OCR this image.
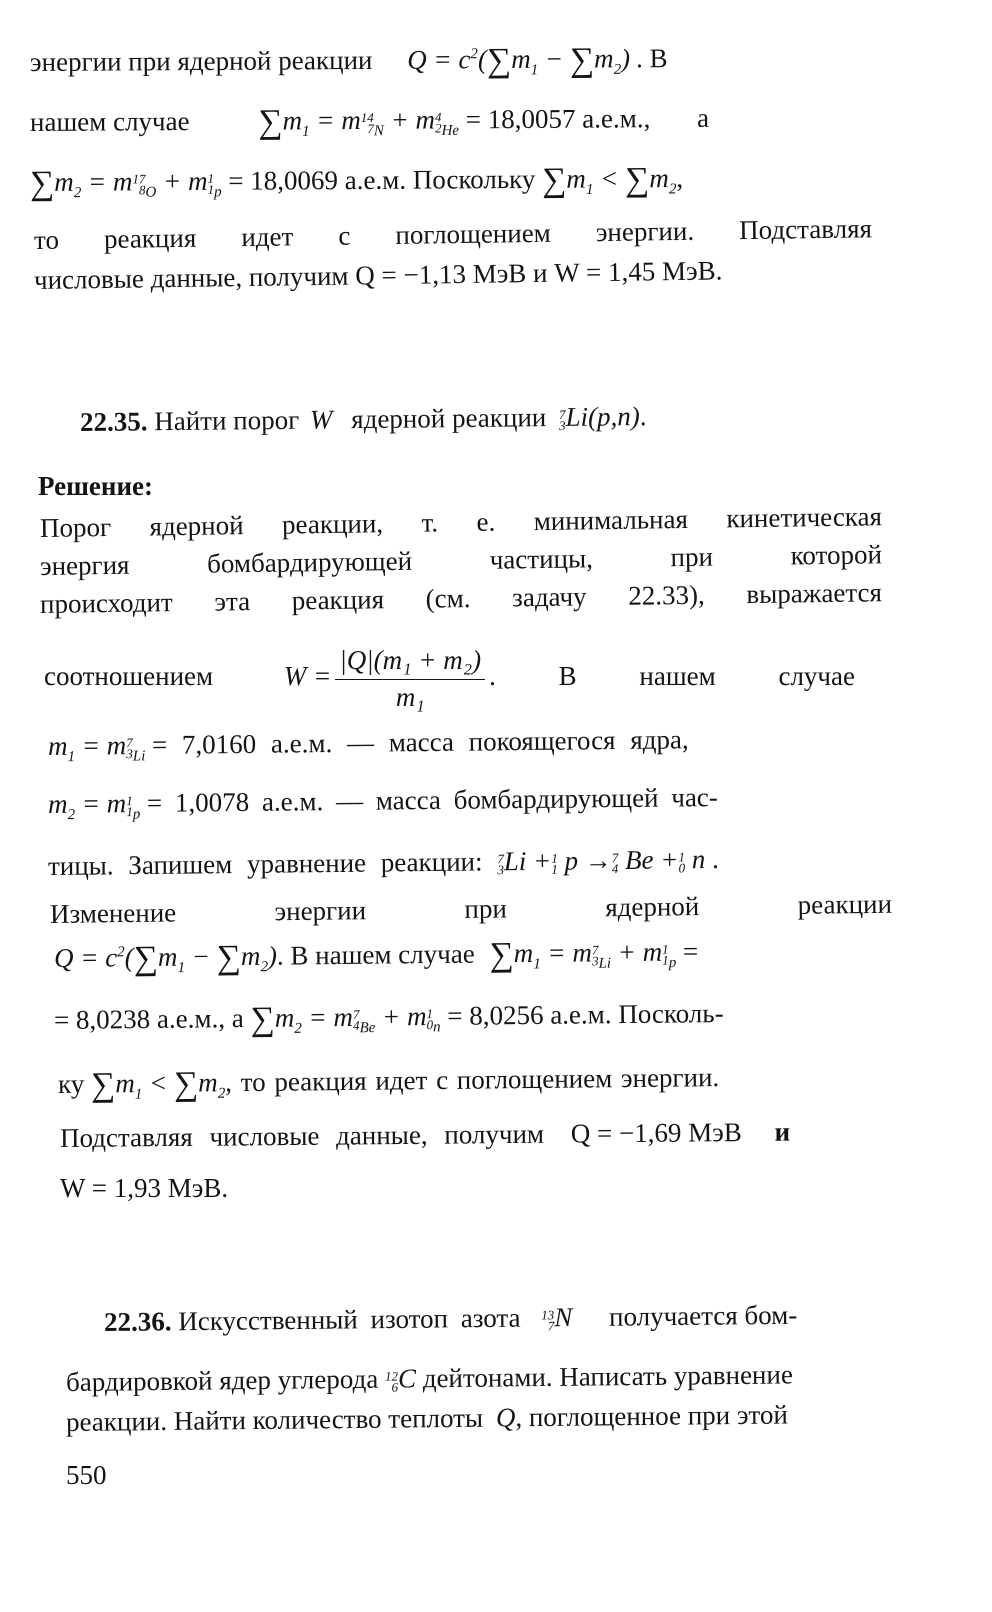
энергии при ядерной реакции $Q = c^2(\sum m_1 - \sum m_2)$ . В
нашем случае $\sum m_1 = m14$
$7_N + m4$
$2_{He} = 18,0057$ а.е.м., а
$\sum m_2 = m17$
$8_O + m1$
$1_p = 18,0069$ а.е.м. Поскольку $\sum m_1 < \sum m_2$,
то реакция идет с поглощением энергии. Подставляя
числовые данные, получим Q = −1,13 МэВ и W = 1,45 МэВ.
22.35. Найти порог W ядерной реакции 7
3Li(p,n).
Решение:
Порог ядерной реакции, т. е. минимальная кинетическая
энергия бомбардирующей частицы, при которой
происходит эта реакция (см. задачу 22.33), выражается
соотношением	$W = \frac{\text{|Q|(m₁ + m₂)}}{\text{m₁}}$ . В нашем случае
$m_1 = m7$
$3_{Li} = 7,0160$ а.е.м. — масса покоящегося ядра,
$m_2 = m1$
$1_p = 1,0078$ а.е.м. — масса бомбардирующей час-
тицы. Запишем уравнение реакции: 7
3Li +1
1 p →7
4 Be +1
0 n .
Изменение энергии при ядерной реакции
$Q = c^2(\sum m_1 - \sum m_2)$. В нашем случае $\sum m_1 = m7$
$3_{Li} + m1$
$1_p$ =
= 8,0238 а.е.м., а $\sum m_2 = m7$
$4_{Be} + m1$
$0_n = 8,0256$ а.е.м. Посколь-
ку $\sum m_1 < \sum m_2$, то реакция идет с поглощением энергии.
Подставляя числовые данные, получим Q = −1,69 МэВ и
W = 1,93 МэВ.
22.36. Искусственный изотоп азота 13
7N получается бом-
бардировкой ядер углерода 12
6C дейтонами. Написать уравнение
реакции. Найти количество теплоты Q, поглощенное при этой
550
